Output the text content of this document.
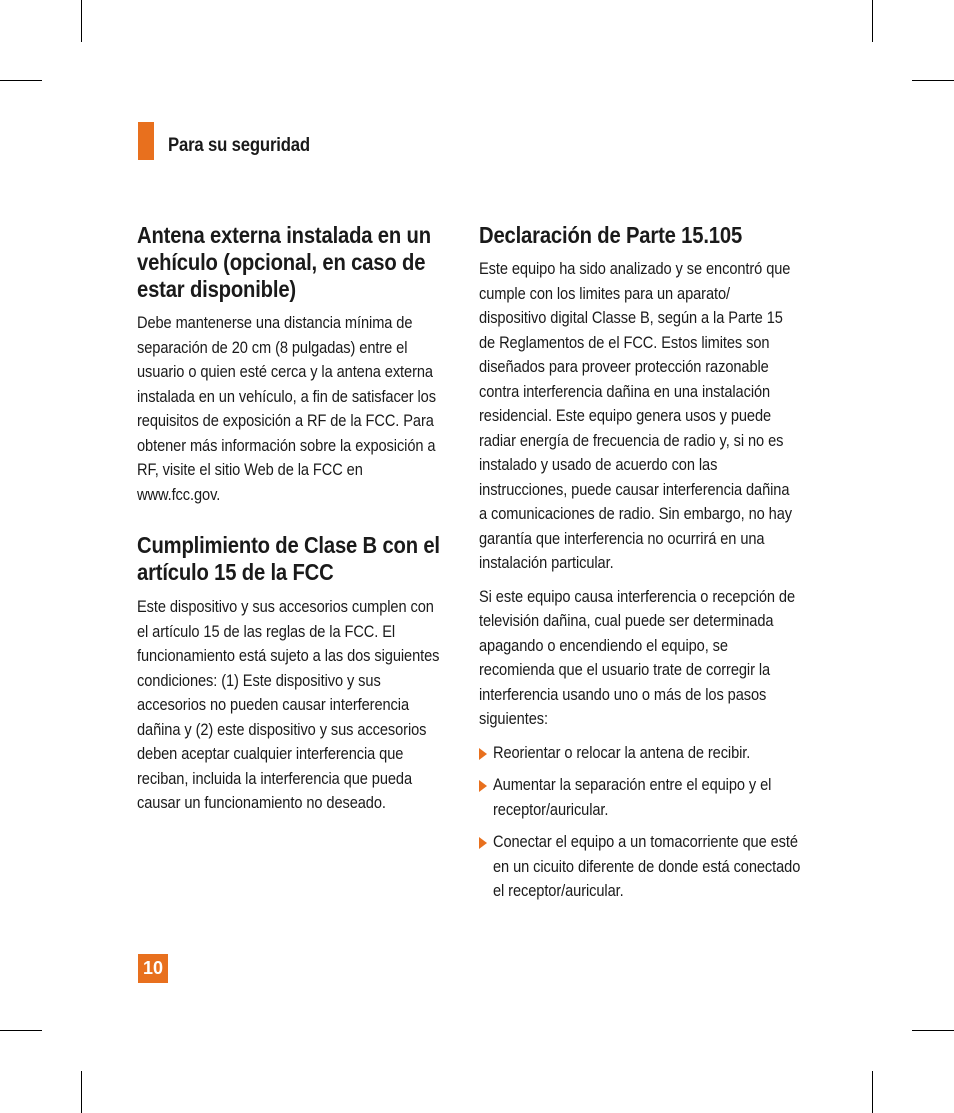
Para su seguridad
Antena externa instalada en un vehículo (opcional, en caso de estar disponible)

Debe mantenerse una distancia mínima de separación de 20 cm (8 pulgadas) entre el usuario o quien esté cerca y la antena externa instalada en un vehículo, a fin de satisfacer los requisitos de exposición a RF de la FCC. Para obtener más información sobre la exposición a RF, visite el sitio Web de la FCC en www.fcc.gov.

Cumplimiento de Clase B con el artículo 15 de la FCC

Este dispositivo y sus accesorios cumplen con el artículo 15 de las reglas de la FCC. El funcionamiento está sujeto a las dos siguientes condiciones: (1) Este dispositivo y sus accesorios no pueden causar interferencia dañina y (2) este dispositivo y sus accesorios deben aceptar cualquier interferencia que reciban, incluida la interferencia que pueda causar un funcionamiento no deseado.

Declaración de Parte 15.105

Este equipo ha sido analizado y se encontró que cumple con los limites para un aparato/ dispositivo digital Classe B, según a la Parte 15 de Reglamentos de el FCC. Estos limites son diseñados para proveer protección razonable contra interferencia dañina en una instalación residencial. Este equipo genera usos y puede radiar energía de frecuencia de radio y, si no es instalado y usado de acuerdo con las instrucciones, puede causar interferencia dañina a comunicaciones de radio. Sin embargo, no hay garantía que interferencia no ocurrirá en una instalación particular.

Si este equipo causa interferencia o recepción de televisión dañina, cual puede ser determinada apagando o encendiendo el equipo, se recomienda que el usuario trate de corregir la interferencia usando uno o más de los pasos siguientes:

Reorientar o relocar la antena de recibir.

Aumentar la separación entre el equipo y el receptor/auricular.

Conectar el equipo a un tomacorriente que esté en un cicuito diferente de donde está conectado el receptor/auricular.

10
